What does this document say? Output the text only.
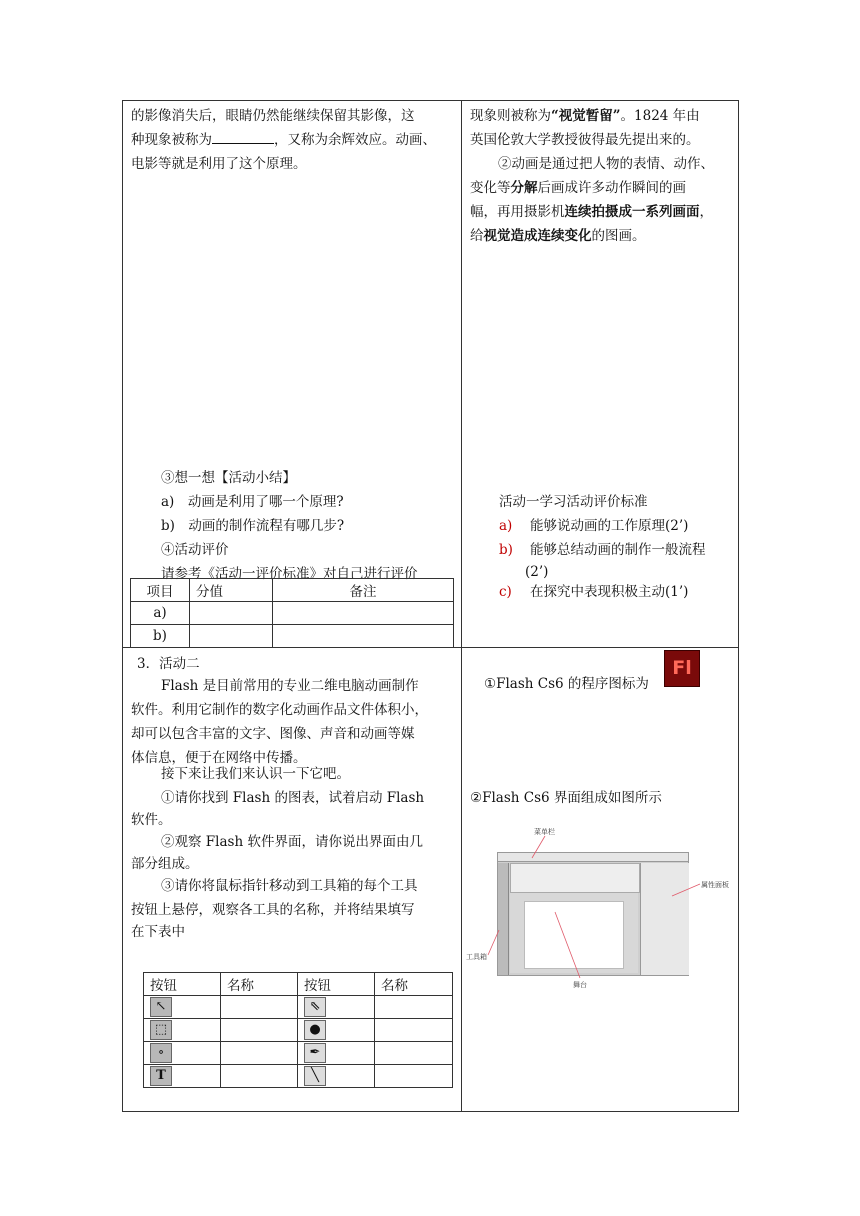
的影像消失后，眼睛仍然能继续保留其影像，这
种现象被称为	，又称为余辉效应。动画、
电影等就是利用了这个原理。
③想一想【活动小结】
a)　动画是利用了哪一个原理?
b)　动画的制作流程有哪几步?
④活动评价
请参考《活动一评价标准》对自己进行评价
项目	分值	备注
a)		
b)		
现象则被称为“视觉暂留”。1824 年由
英国伦敦大学教授彼得最先提出来的。
②动画是通过把人物的表情、动作、
变化等分解后画成许多动作瞬间的画
幅，再用摄影机连续拍摄成一系列画面，
给视觉造成连续变化的图画。
活动一学习活动评价标准
a) 能够说动画的工作原理(2’)
b) 能够总结动画的制作一般流程
(2’)
c) 在探究中表现积极主动(1’)
3．活动二
Flash 是目前常用的专业二维电脑动画制作
软件。利用它制作的数字化动画作品文件体积小，
却可以包含丰富的文字、图像、声音和动画等媒
体信息，便于在网络中传播。
接下来让我们来认识一下它吧。
①请你找到 Flash 的图表，试着启动 Flash
软件。
②观察 Flash 软件界面，请你说出界面由几
部分组成。
③请你将鼠标指针移动到工具箱的每个工具
按钮上悬停，观察各工具的名称，并将结果填写
在下表中
按钮	名称	按钮	名称
↖		⇖	
⬚		●	
∘		✒	
T		╲	
①Flash Cs6 的程序图标为
Fl
②Flash Cs6 界面组成如图所示
菜单栏
属性面板
工具箱
舞台
